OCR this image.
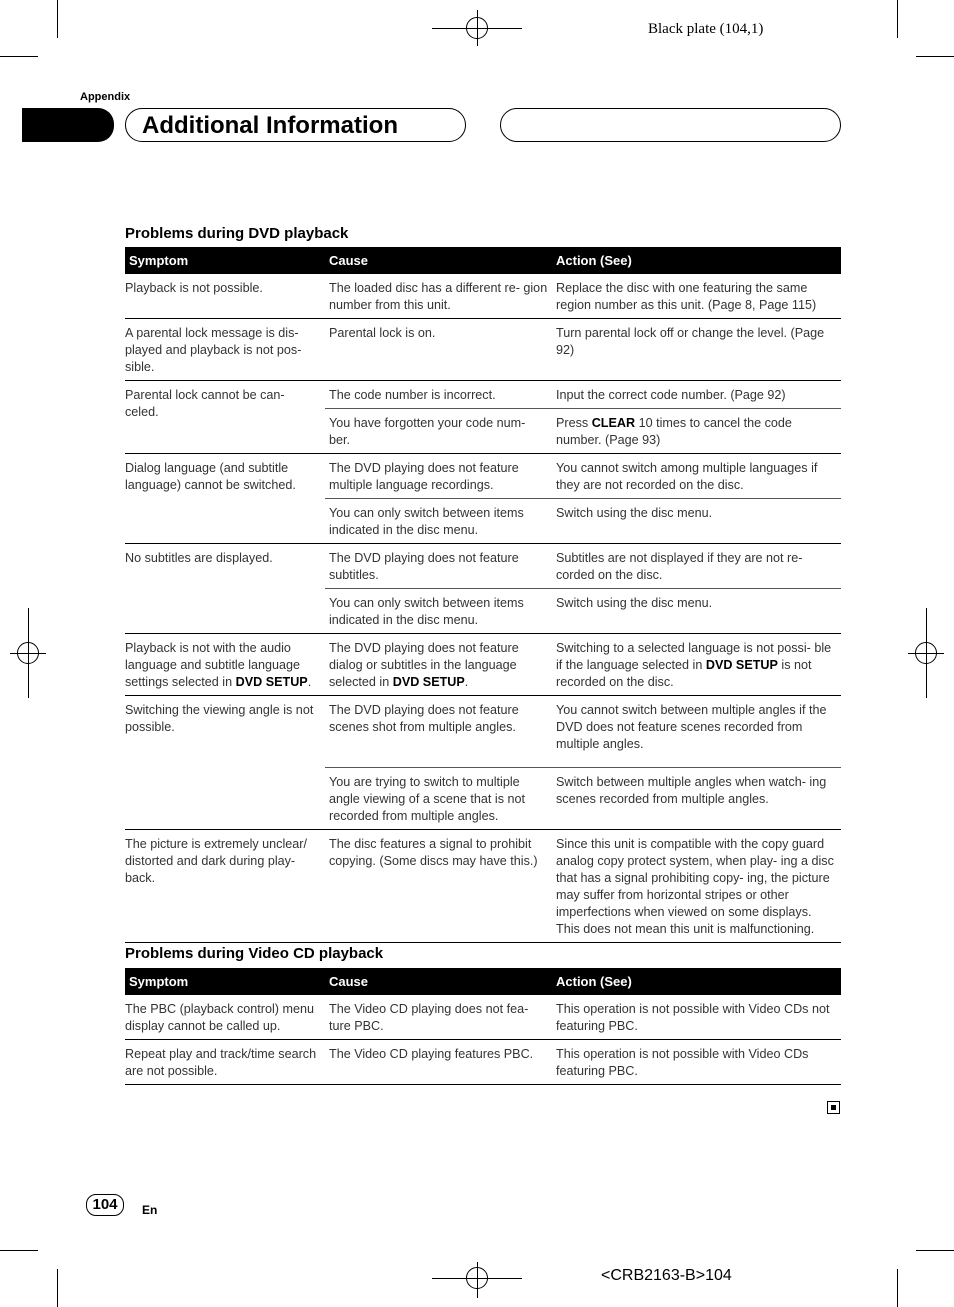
Black plate (104,1)
Appendix
Additional Information
Problems during DVD playback
Symptom	Cause	Action (See)
Playback is not possible.	The loaded disc has a different re- gion number from this unit.	Replace the disc with one featuring the same region number as this unit. (Page 8, Page 115)
A parental lock message is dis- played and playback is not pos- sible.	Parental lock is on.	Turn parental lock off or change the level. (Page 92)
Parental lock cannot be can- celed.	The code number is incorrect.	Input the correct code number. (Page 92)
	You have forgotten your code num- ber.	Press CLEAR 10 times to cancel the code number. (Page 93)
Dialog language (and subtitle language) cannot be switched.	The DVD playing does not feature multiple language recordings.	You cannot switch among multiple languages if they are not recorded on the disc.
	You can only switch between items indicated in the disc menu.	Switch using the disc menu.
No subtitles are displayed.	The DVD playing does not feature subtitles.	Subtitles are not displayed if they are not re- corded on the disc.
	You can only switch between items indicated in the disc menu.	Switch using the disc menu.
Playback is not with the audio language and subtitle language settings selected in DVD SETUP.	The DVD playing does not feature dialog or subtitles in the language selected in DVD SETUP.	Switching to a selected language is not possi- ble if the language selected in DVD SETUP is not recorded on the disc.
Switching the viewing angle is not possible.	The DVD playing does not feature scenes shot from multiple angles.	You cannot switch between multiple angles if the DVD does not feature scenes recorded from multiple angles.
	You are trying to switch to multiple angle viewing of a scene that is not recorded from multiple angles.	Switch between multiple angles when watch- ing scenes recorded from multiple angles.
The picture is extremely unclear/ distorted and dark during play- back.	The disc features a signal to prohibit copying. (Some discs may have this.)	Since this unit is compatible with the copy guard analog copy protect system, when play- ing a disc that has a signal prohibiting copy- ing, the picture may suffer from horizontal stripes or other imperfections when viewed on some displays. This does not mean this unit is malfunctioning.
Problems during Video CD playback
Symptom	Cause	Action (See)
The PBC (playback control) menu display cannot be called up.	The Video CD playing does not fea- ture PBC.	This operation is not possible with Video CDs not featuring PBC.
Repeat play and track/time search are not possible.	The Video CD playing features PBC.	This operation is not possible with Video CDs featuring PBC.
104	En
<CRB2163-B>104
